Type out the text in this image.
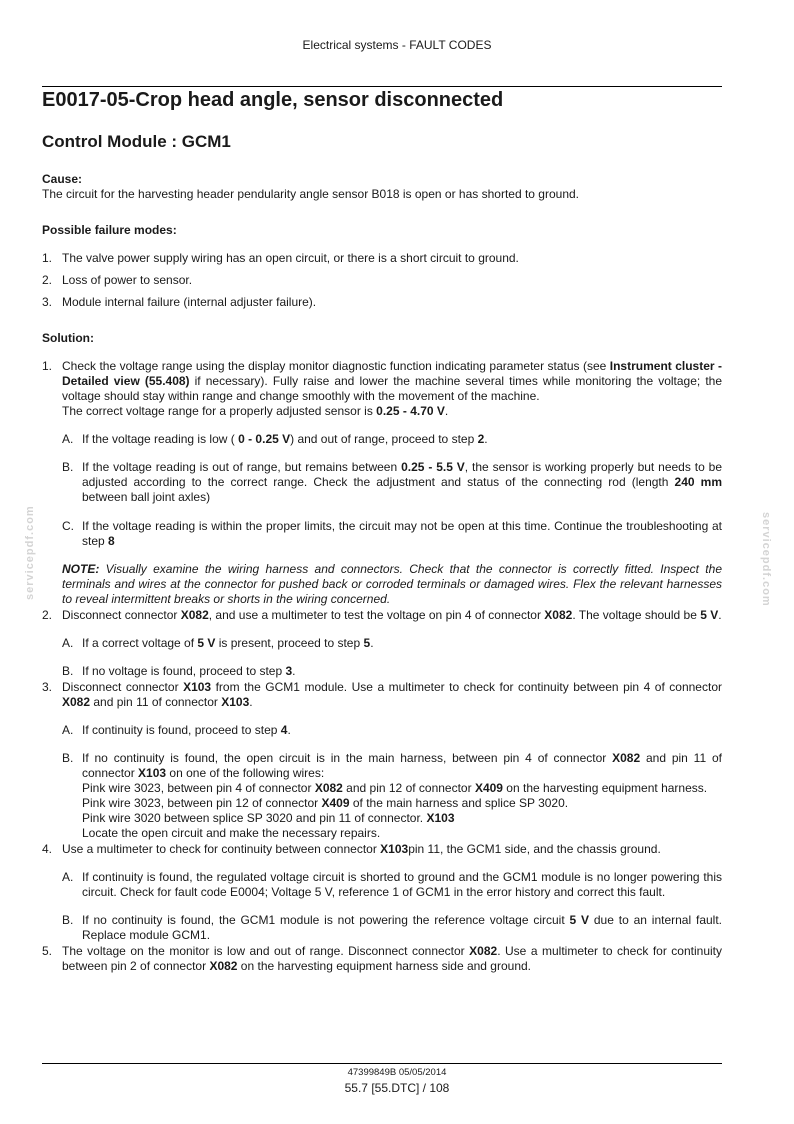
Electrical systems - FAULT CODES
E0017-05-Crop head angle, sensor disconnected
Control Module : GCM1
servicepdf.com	servicepdf.com

Cause:

The circuit for the harvesting header pendularity angle sensor B018 is open or has shorted to ground.

Possible failure modes:

1. The valve power supply wiring has an open circuit, or there is a short circuit to ground.
2. Loss of power to sensor.
3. Module internal failure (internal adjuster failure).

Solution:

1. Check the voltage range using the display monitor diagnostic function indicating parameter status (see Instrument cluster - Detailed view (55.408) if necessary). Fully raise and lower the machine several times while monitoring the voltage; the voltage should stay within range and change smoothly with the movement of the machine.
The correct voltage range for a properly adjusted sensor is 0.25 - 4.70 V.
A. If the voltage reading is low ( 0 - 0.25 V) and out of range, proceed to step 2.
B. If the voltage reading is out of range, but remains between 0.25 - 5.5 V, the sensor is working properly but needs to be adjusted according to the correct range. Check the adjustment and status of the connecting rod (length 240 mm between ball joint axles)
C. If the voltage reading is within the proper limits, the circuit may not be open at this time. Continue the troubleshooting at step 8

NOTE: Visually examine the wiring harness and connectors. Check that the connector is correctly fitted. Inspect the terminals and wires at the connector for pushed back or corroded terminals or damaged wires. Flex the relevant harnesses to reveal intermittent breaks or shorts in the wiring concerned.

2. Disconnect connector X082, and use a multimeter to test the voltage on pin 4 of connector X082. The voltage should be 5 V.
A. If a correct voltage of 5 V is present, proceed to step 5.
B. If no voltage is found, proceed to step 3.
3. Disconnect connector X103 from the GCM1 module. Use a multimeter to check for continuity between pin 4 of connector X082 and pin 11 of connector X103.
A. If continuity is found, proceed to step 4.
B. If no continuity is found, the open circuit is in the main harness, between pin 4 of connector X082 and pin 11 of connector X103 on one of the following wires:
Pink wire 3023, between pin 4 of connector X082 and pin 12 of connector X409 on the harvesting equipment harness.
Pink wire 3023, between pin 12 of connector X409 of the main harness and splice SP 3020.
Pink wire 3020 between splice SP 3020 and pin 11 of connector. X103
Locate the open circuit and make the necessary repairs.
4. Use a multimeter to check for continuity between connector X103pin 11, the GCM1 side, and the chassis ground.
A. If continuity is found, the regulated voltage circuit is shorted to ground and the GCM1 module is no longer powering this circuit. Check for fault code E0004; Voltage 5 V, reference 1 of GCM1 in the error history and correct this fault.
B. If no continuity is found, the GCM1 module is not powering the reference voltage circuit 5 V due to an internal fault. Replace module GCM1.
5. The voltage on the monitor is low and out of range. Disconnect connector X082. Use a multimeter to check for continuity between pin 2 of connector X082 on the harvesting equipment harness side and ground.
47399849B 05/05/2014
55.7 [55.DTC] / 108
